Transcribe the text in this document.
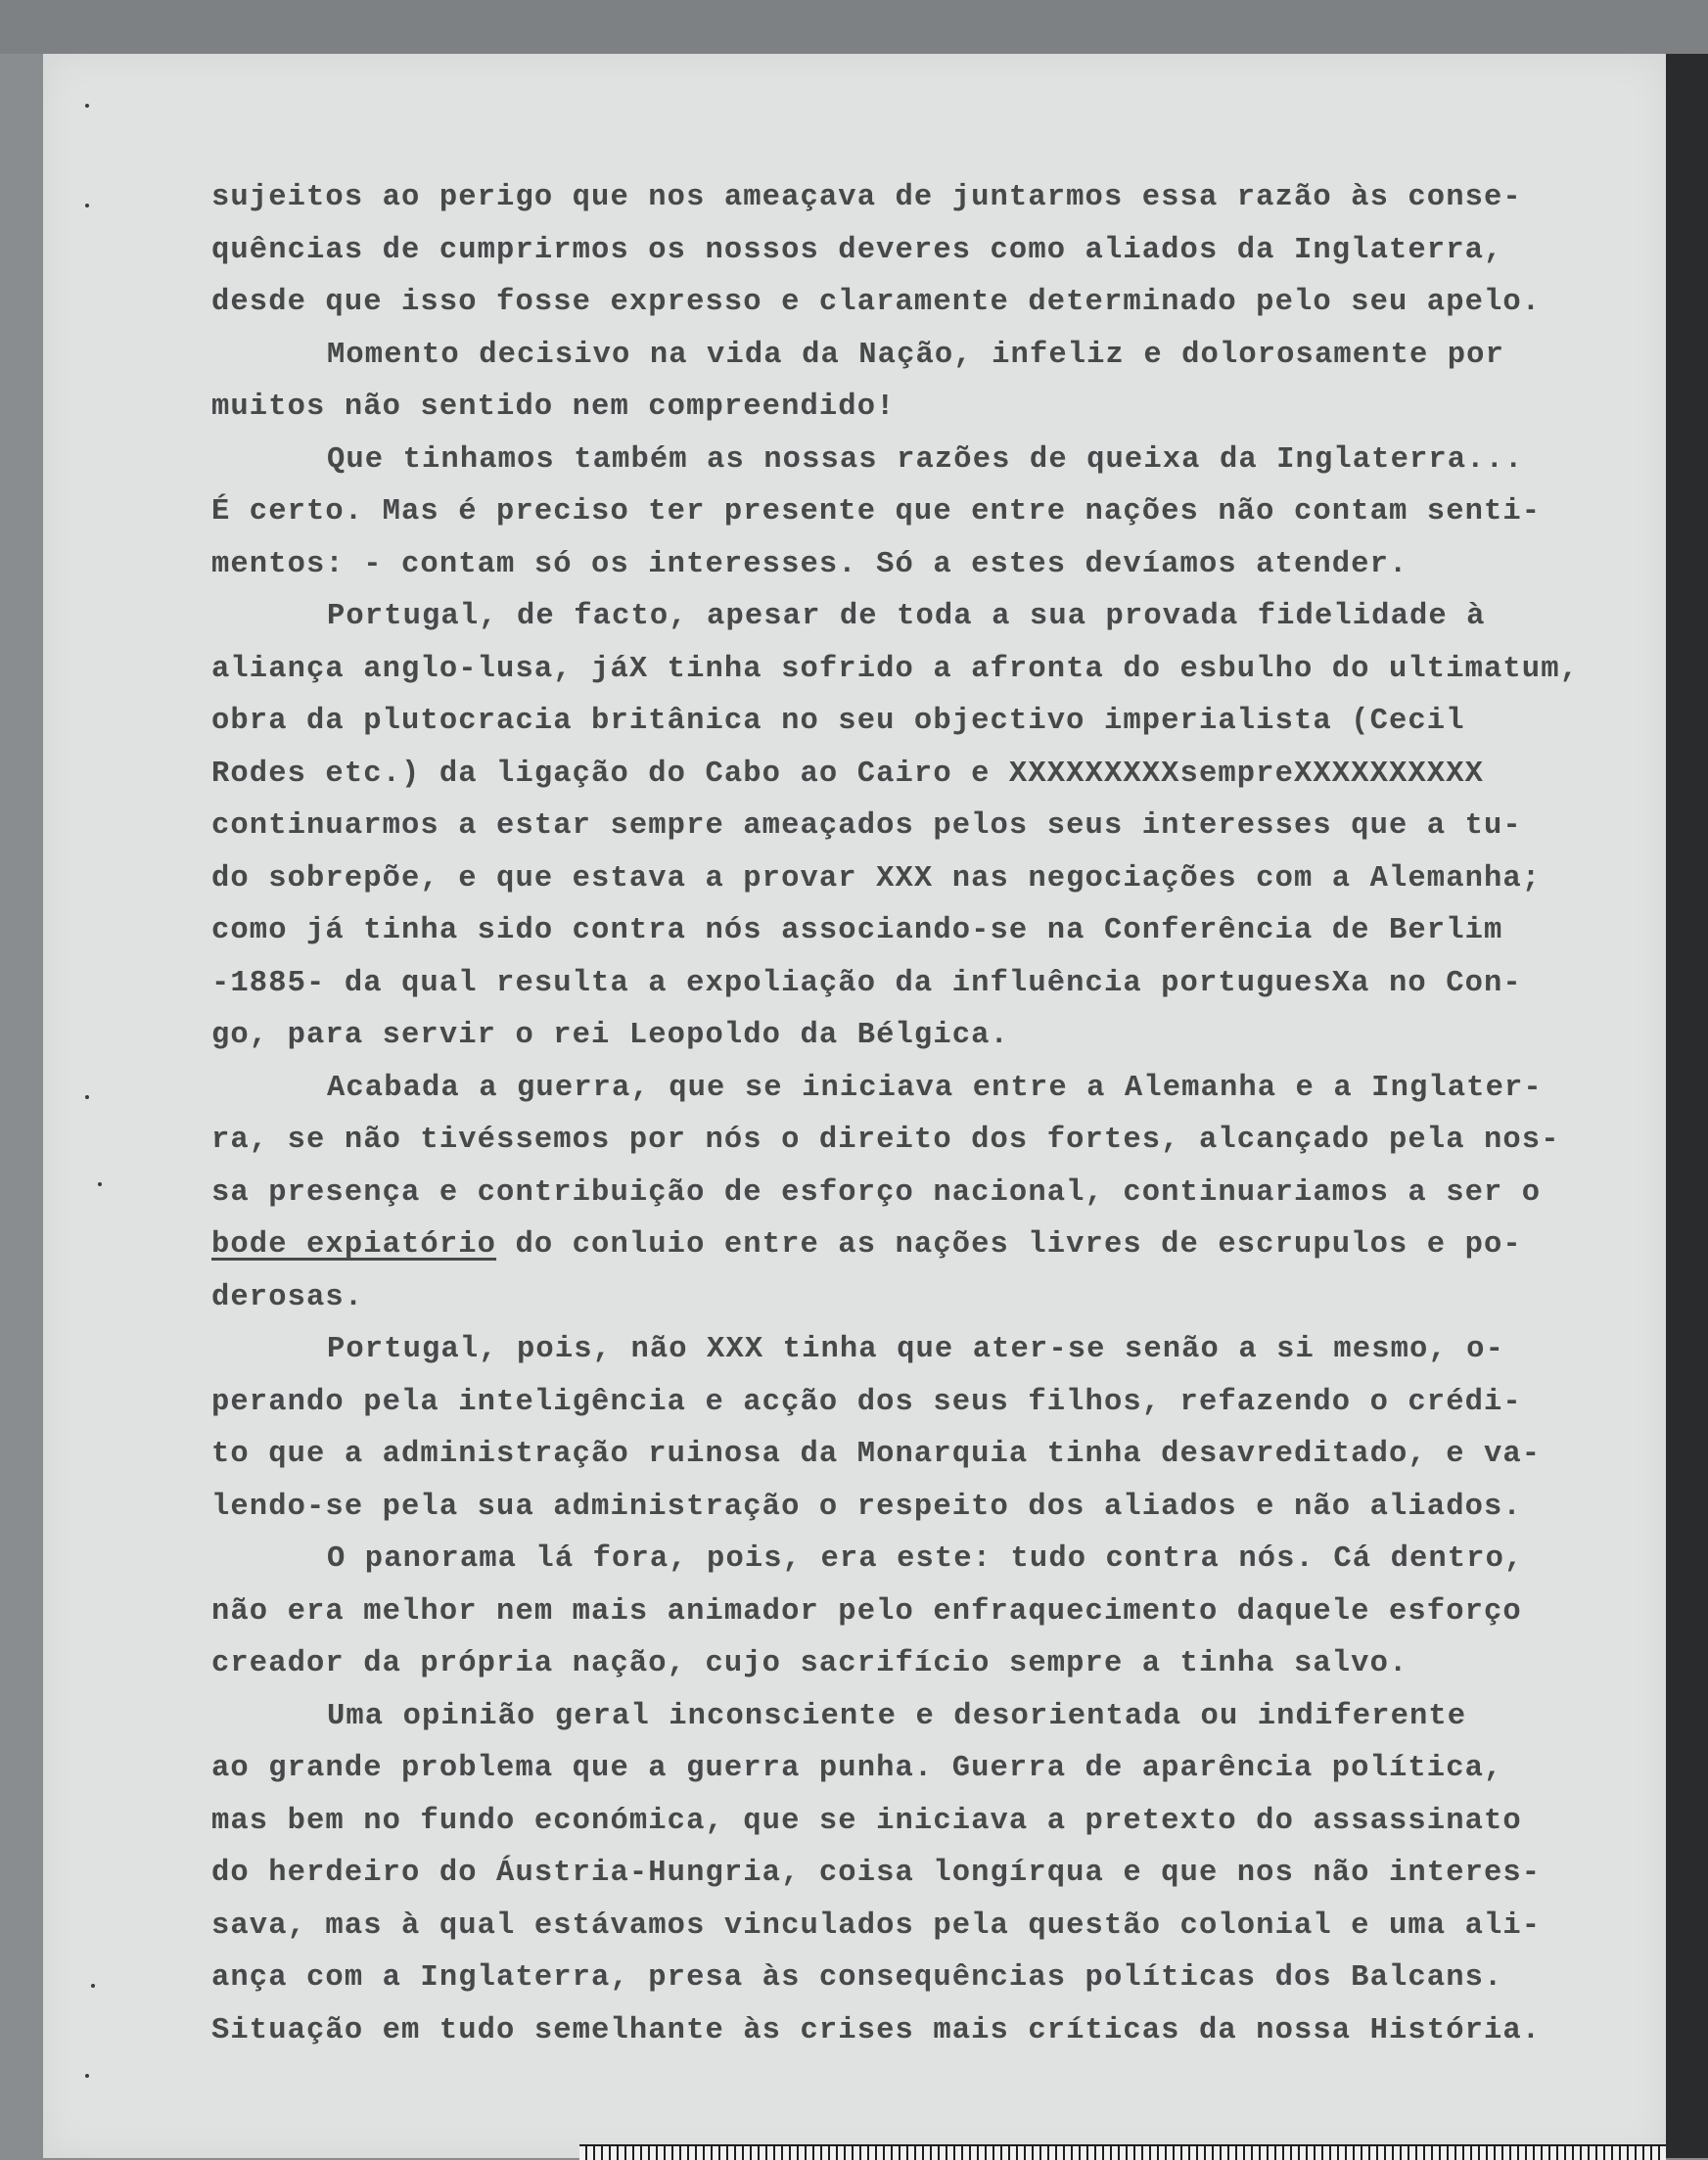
sujeitos ao perigo que nos ameaçava de juntarmos essa razão às conse-
quências de cumprirmos os nossos deveres como aliados da Inglaterra,
desde que isso fosse expresso e claramente determinado pelo seu apelo.
Momento decisivo na vida da Nação, infeliz e dolorosamente por
muitos não sentido nem compreendido!
Que tinhamos também as nossas razões de queixa da Inglaterra...
É certo. Mas é preciso ter presente que entre nações não contam senti-
mentos: - contam só os interesses. Só a estes devíamos atender.
Portugal, de facto, apesar de toda a sua provada fidelidade à
aliança anglo-lusa, jáX tinha sofrido a afronta do esbulho do ultimatum,
obra da plutocracia britânica no seu objectivo imperialista (Cecil
Rodes etc.) da ligação do Cabo ao Cairo e XXXXXXXXXsempreXXXXXXXXXX
continuarmos a estar sempre ameaçados pelos seus interesses que a tu-
do sobrepõe, e que estava a provar XXX nas negociações com a Alemanha;
como já tinha sido contra nós associando-se na Conferência de Berlim
-1885- da qual resulta a expoliação da influência portuguesXa no Con-
go, para servir o rei Leopoldo da Bélgica.
Acabada a guerra, que se iniciava entre a Alemanha e a Inglater-
ra, se não tivéssemos por nós o direito dos fortes, alcançado pela nos-
sa presença e contribuição de esforço nacional, continuariamos a ser o
bode expiatório do conluio entre as nações livres de escrupulos e po-
derosas.
Portugal, pois, não XXX tinha que ater-se senão a si mesmo, o-
perando pela inteligência e acção dos seus filhos, refazendo o crédi-
to que a administração ruinosa da Monarquia tinha desavreditado, e va-
lendo-se pela sua administração o respeito dos aliados e não aliados.
O panorama lá fora, pois, era este: tudo contra nós. Cá dentro,
não era melhor nem mais animador pelo enfraquecimento daquele esforço
creador da própria nação, cujo sacrifício sempre a tinha salvo.
Uma opinião geral inconsciente e desorientada ou indiferente
ao grande problema que a guerra punha. Guerra de aparência política,
mas bem no fundo económica, que se iniciava a pretexto do assassinato
do herdeiro do Áustria-Hungria, coisa longírqua e que nos não interes-
sava, mas à qual estávamos vinculados pela questão colonial e uma ali-
ança com a Inglaterra, presa às consequências políticas dos Balcans.
Situação em tudo semelhante às crises mais críticas da nossa História.
